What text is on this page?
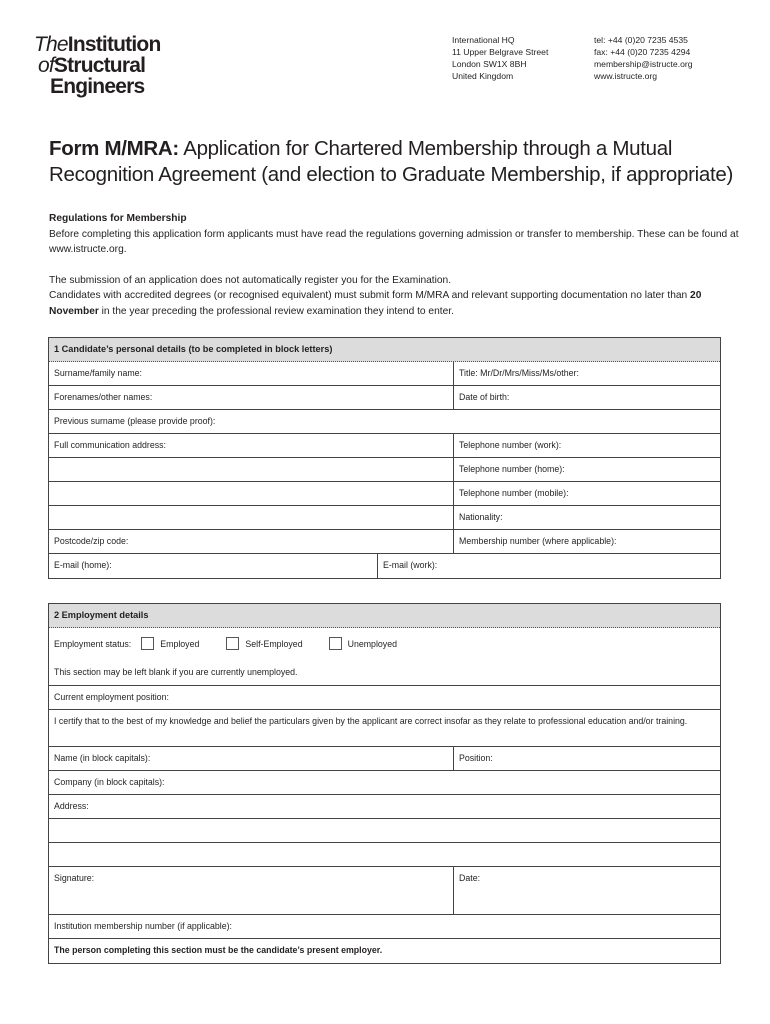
TheInstitution
ofStructural
Engineers
International HQ
11 Upper Belgrave Street
London SW1X 8BH
United Kingdom
tel: +44 (0)20 7235 4535
fax: +44 (0)20 7235 4294
membership@istructe.org
www.istructe.org
Form M/MRA: Application for Chartered Membership through a Mutual Recognition Agreement (and election to Graduate Membership, if appropriate)

Regulations for Membership

Before completing this application form applicants must have read the regulations governing admission or transfer to membership. These can be found at www.istructe.org.

The submission of an application does not automatically register you for the Examination.

Candidates with accredited degrees (or recognised equivalent) must submit form M/MRA and relevant supporting documentation no later than 20 November in the year preceding the professional review examination they intend to enter.

1 Candidate’s personal details (to be completed in block letters)
Surname/family name:	Title: Mr/Dr/Mrs/Miss/Ms/other:
Forenames/other names:	Date of birth:
Previous surname (please provide proof):
Full communication address:	Telephone number (work):
Telephone number (home):
Telephone number (mobile):
Nationality:
Postcode/zip code:	Membership number (where applicable):
E-mail (home):	E-mail (work):
2 Employment details
Employment status:	Employed	Self-Employed	Unemployed
This section may be left blank if you are currently unemployed.
Current employment position:
I certify that to the best of my knowledge and belief the particulars given by the applicant are correct insofar as they relate to professional education and/or training.
Name (in block capitals):	Position:
Company (in block capitals):
Address:
Signature:	Date:
Institution membership number (if applicable):
The person completing this section must be the candidate’s present employer.
